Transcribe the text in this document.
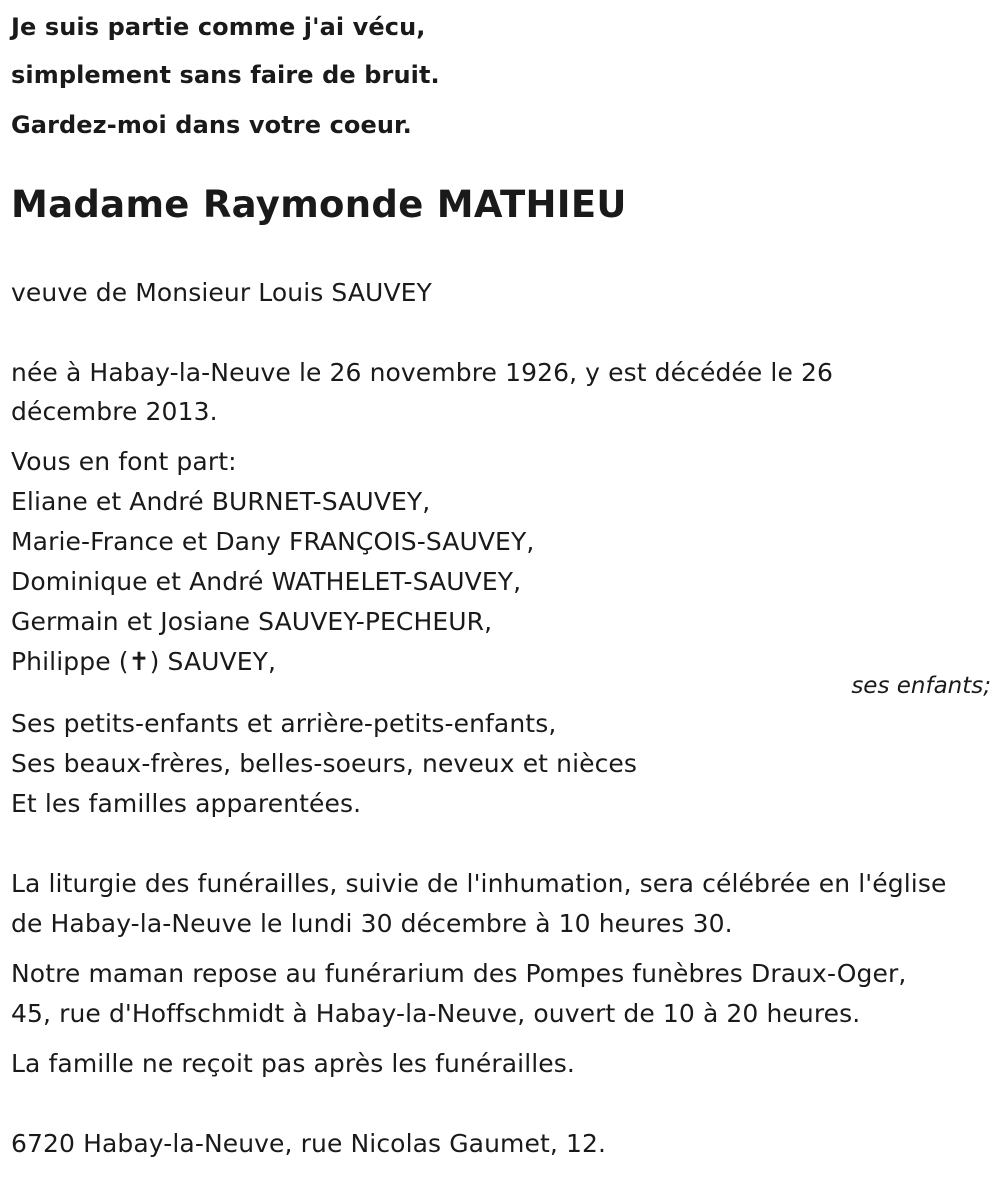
Je suis partie comme j'ai vécu,
simplement sans faire de bruit.
Gardez-moi dans votre coeur.
Madame Raymonde MATHIEU
veuve de Monsieur Louis SAUVEY
née à Habay-la-Neuve le 26 novembre 1926, y est décédée le 26
décembre 2013.
Vous en font part:
Eliane et André BURNET-SAUVEY,
Marie-France et Dany FRANÇOIS-SAUVEY,
Dominique et André WATHELET-SAUVEY,
Germain et Josiane SAUVEY-PECHEUR,
Philippe (✝) SAUVEY,
ses enfants;
Ses petits-enfants et arrière-petits-enfants,
Ses beaux-frères, belles-soeurs, neveux et nièces
Et les familles apparentées.
La liturgie des funérailles, suivie de l'inhumation, sera célébrée en l'église
de Habay-la-Neuve le lundi 30 décembre à 10 heures 30.
Notre maman repose au funérarium des Pompes funèbres Draux-Oger,
45, rue d'Hoffschmidt à Habay-la-Neuve, ouvert de 10 à 20 heures.
La famille ne reçoit pas après les funérailles.
6720 Habay-la-Neuve, rue Nicolas Gaumet, 12.
